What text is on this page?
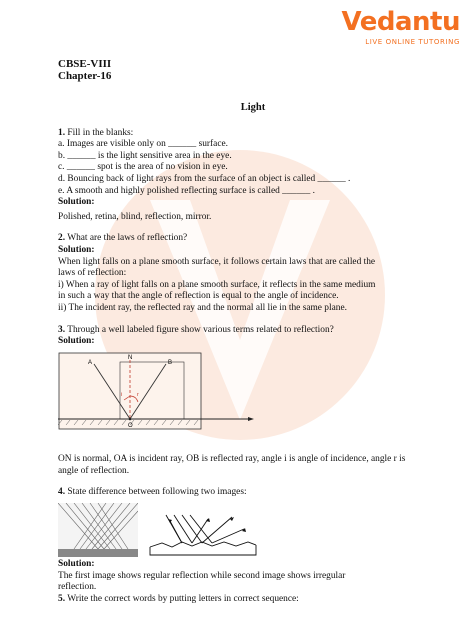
Vedantu
LIVE ONLINE TUTORING
CBSE-VIII
Chapter-16
Light

1. Fill in the blanks:

a. Images are visible only on ______ surface.

b. ______ is the light sensitive area in the eye.

c. ______ spot is the area of no vision in eye.

d. Bouncing back of light rays from the surface of an object is called ______ .

e. A smooth and highly polished reflecting surface is called ______ .

Solution:

Polished, retina, blind, reflection, mirror.

2. What are the laws of reflection?

Solution:

When light falls on a plane smooth surface, it follows certain laws that are called the

laws of reflection:

i) When a ray of light falls on a plane smooth surface, it reflects in the same medium

in such a way that the angle of reflection is equal to the angle of incidence.

ii) The incident ray, the reflected ray and the normal all lie in the same plane.

3. Through a well labeled figure show various terms related to reflection?

Solution:

A
N
B
O
i	r

ON is normal, OA is incident ray, OB is reflected ray, angle i is angle of incidence, angle r is

angle of reflection.

4. State difference between following two images:

Solution:

The first image shows regular reflection while second image shows irregular

reflection.

5. Write the correct words by putting letters in correct sequence:
